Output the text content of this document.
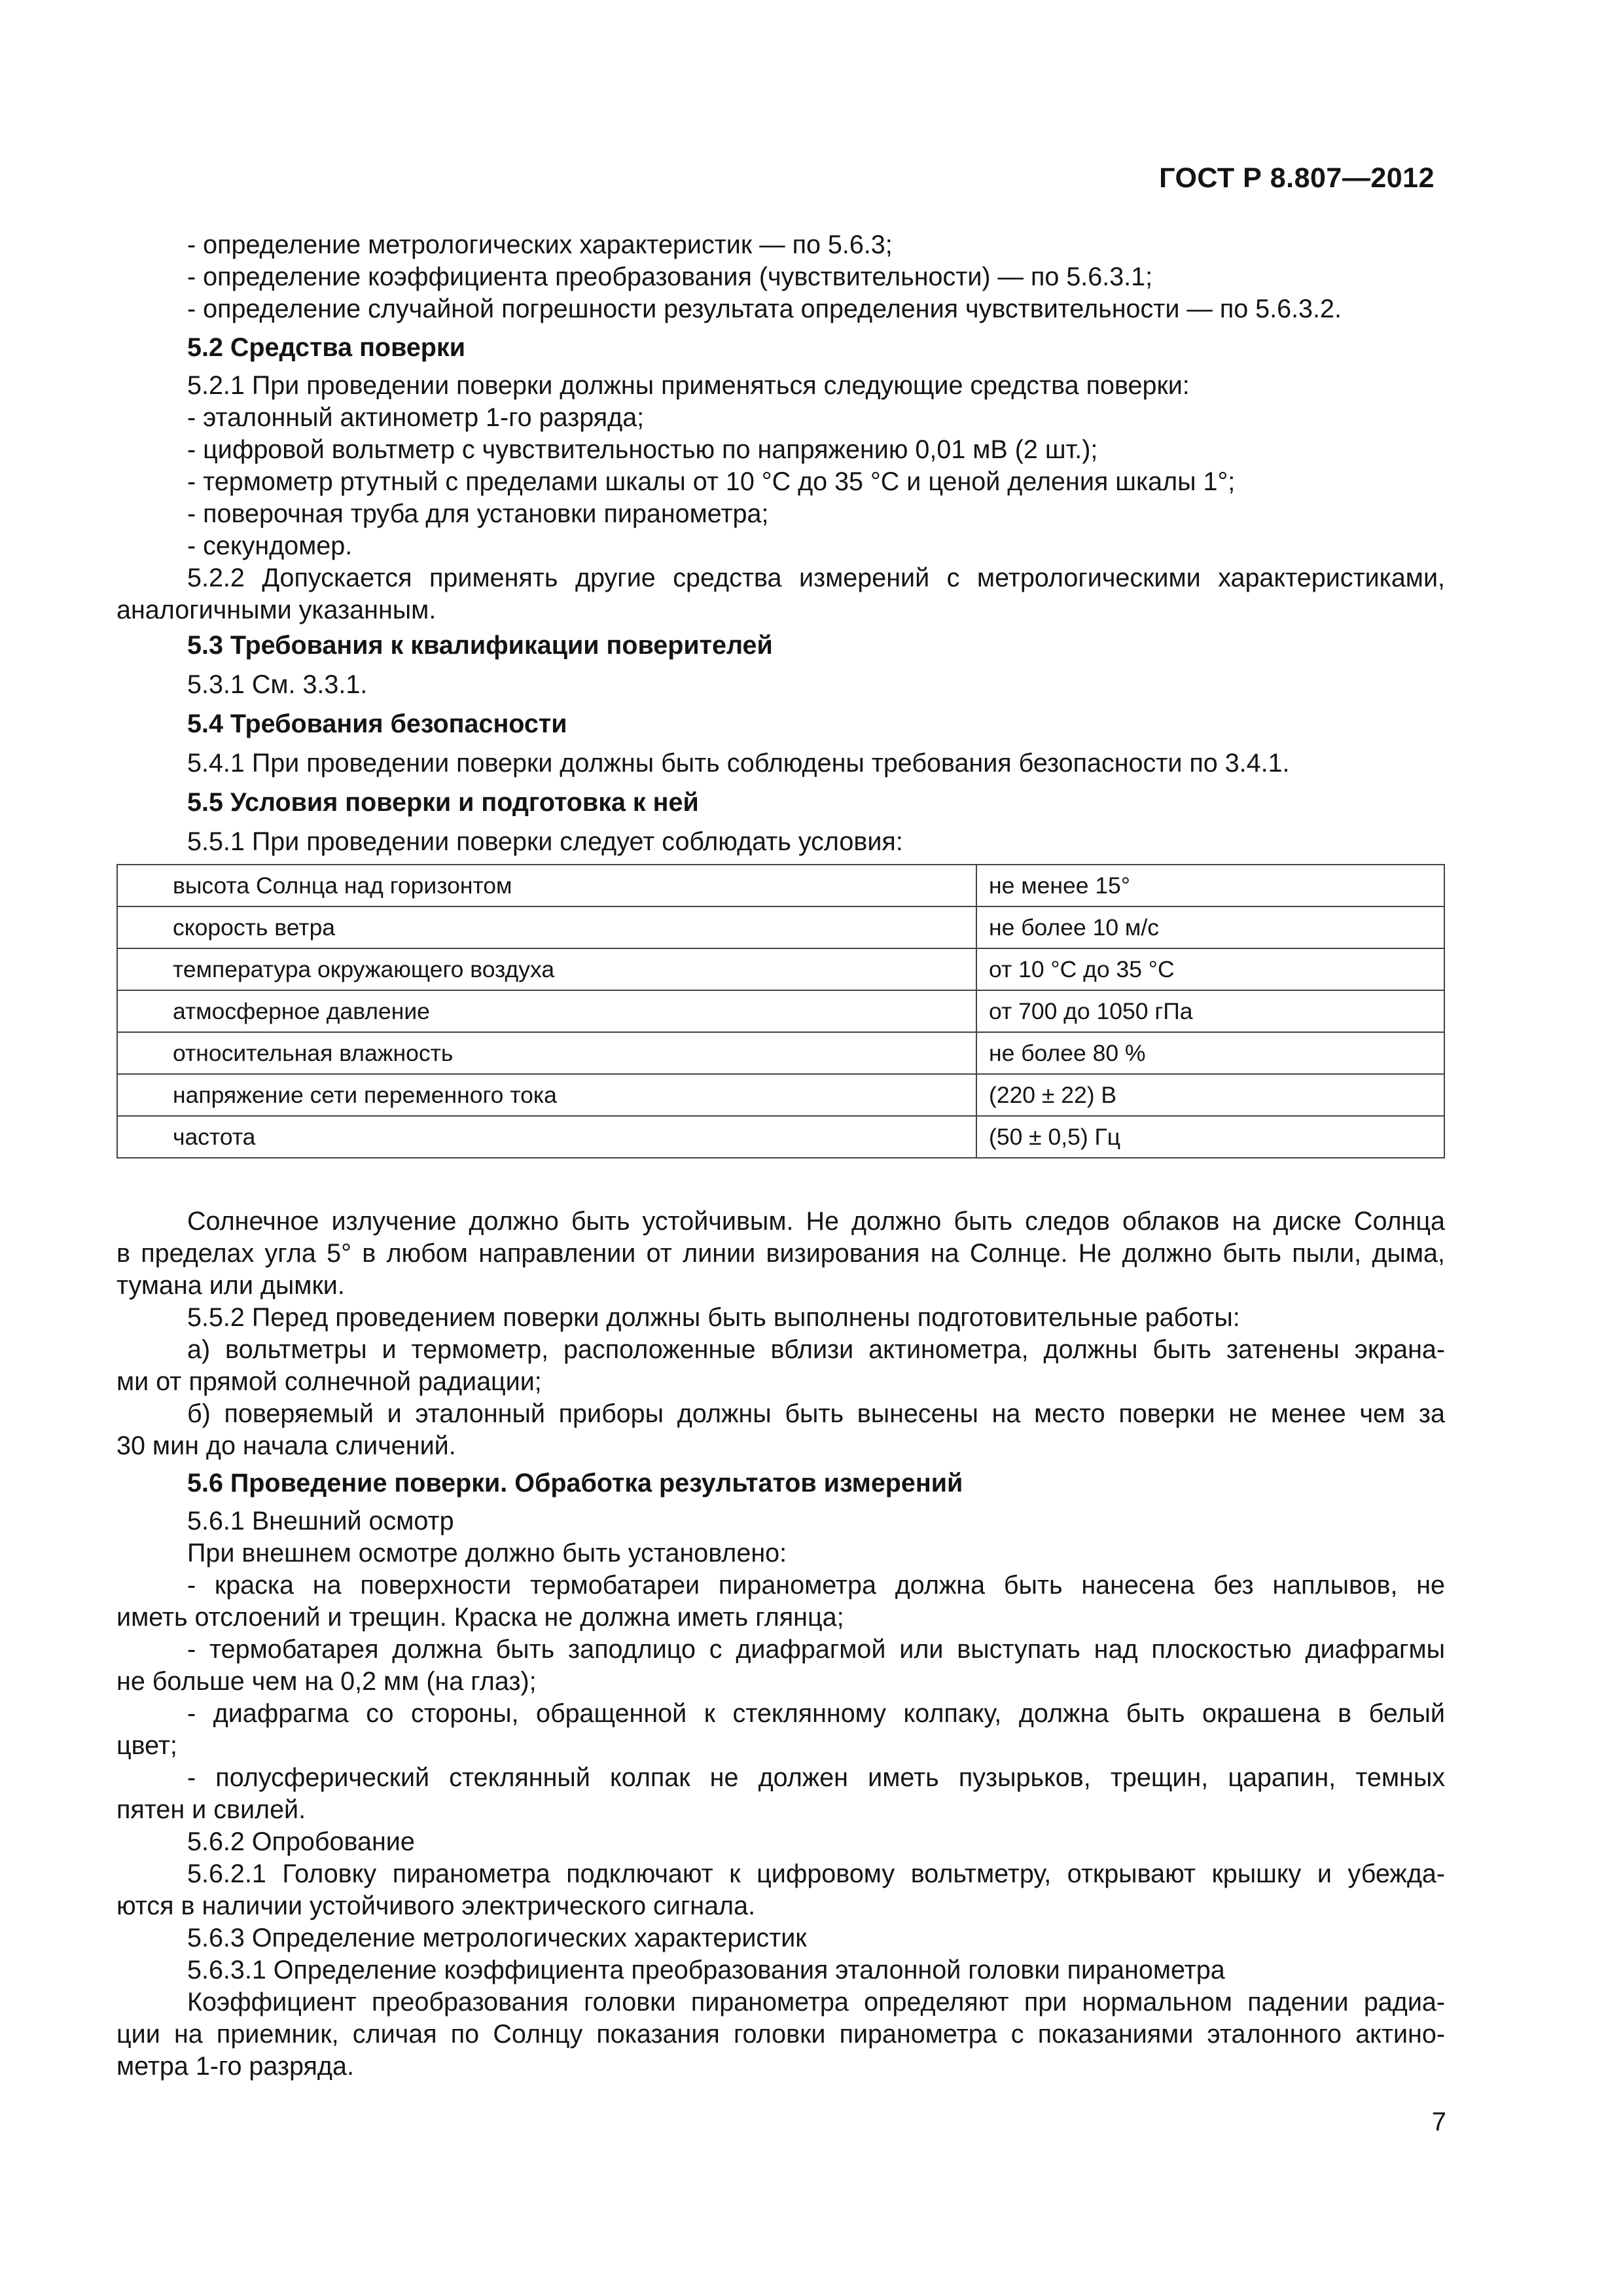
ГОСТ Р 8.807—2012
- определение метрологических характеристик — по 5.6.3;
- определение коэффициента преобразования (чувствительности) — по 5.6.3.1;
- определение случайной погрешности результата определения чувствительности — по 5.6.3.2.
5.2 Средства поверки
5.2.1 При проведении поверки должны применяться следующие средства поверки:
- эталонный актинометр 1-го разряда;
- цифровой вольтметр с чувствительностью по напряжению 0,01 мВ (2 шт.);
- термометр ртутный с пределами шкалы от 10 °С до 35 °С и ценой деления шкалы 1°;
- поверочная труба для установки пиранометра;
- секундомер.
5.2.2 Допускается применять другие средства измерений с метрологическими характеристиками,
аналогичными указанным.
5.3 Требования к квалификации поверителей
5.3.1 См. 3.3.1.
5.4 Требования безопасности
5.4.1 При проведении поверки должны быть соблюдены требования безопасности по 3.4.1.
5.5 Условия поверки и подготовка к ней
5.5.1 При проведении поверки следует соблюдать условия:
высота Солнца над горизонтом	не менее 15°
скорость ветра	не более 10 м/с
температура окружающего воздуха	от 10 °С до 35 °С
атмосферное давление	от 700 до 1050 гПа
относительная влажность	не более 80 %
напряжение сети переменного тока	(220 ± 22) В
частота	(50 ± 0,5) Гц
Солнечное излучение должно быть устойчивым. Не должно быть следов облаков на диске Солнца
в пределах угла 5° в любом направлении от линии визирования на Солнце. Не должно быть пыли, дыма,
тумана или дымки.
5.5.2 Перед проведением поверки должны быть выполнены подготовительные работы:
а) вольтметры и термометр, расположенные вблизи актинометра, должны быть затенены экрана-
ми от прямой солнечной радиации;
б) поверяемый и эталонный приборы должны быть вынесены на место поверки не менее чем за
30 мин до начала сличений.
5.6 Проведение поверки. Обработка результатов измерений
5.6.1 Внешний осмотр
При внешнем осмотре должно быть установлено:
- краска на поверхности термобатареи пиранометра должна быть нанесена без наплывов, не
иметь отслоений и трещин. Краска не должна иметь глянца;
- термобатарея должна быть заподлицо с диафрагмой или выступать над плоскостью диафрагмы
не больше чем на 0,2 мм (на глаз);
- диафрагма со стороны, обращенной к стеклянному колпаку, должна быть окрашена в белый
цвет;
- полусферический стеклянный колпак не должен иметь пузырьков, трещин, царапин, темных
пятен и свилей.
5.6.2 Опробование
5.6.2.1 Головку пиранометра подключают к цифровому вольтметру, открывают крышку и убежда-
ются в наличии устойчивого электрического сигнала.
5.6.3 Определение метрологических характеристик
5.6.3.1 Определение коэффициента преобразования эталонной головки пиранометра
Коэффициент преобразования головки пиранометра определяют при нормальном падении радиа-
ции на приемник, сличая по Солнцу показания головки пиранометра с показаниями эталонного актино-
метра 1-го разряда.
7
